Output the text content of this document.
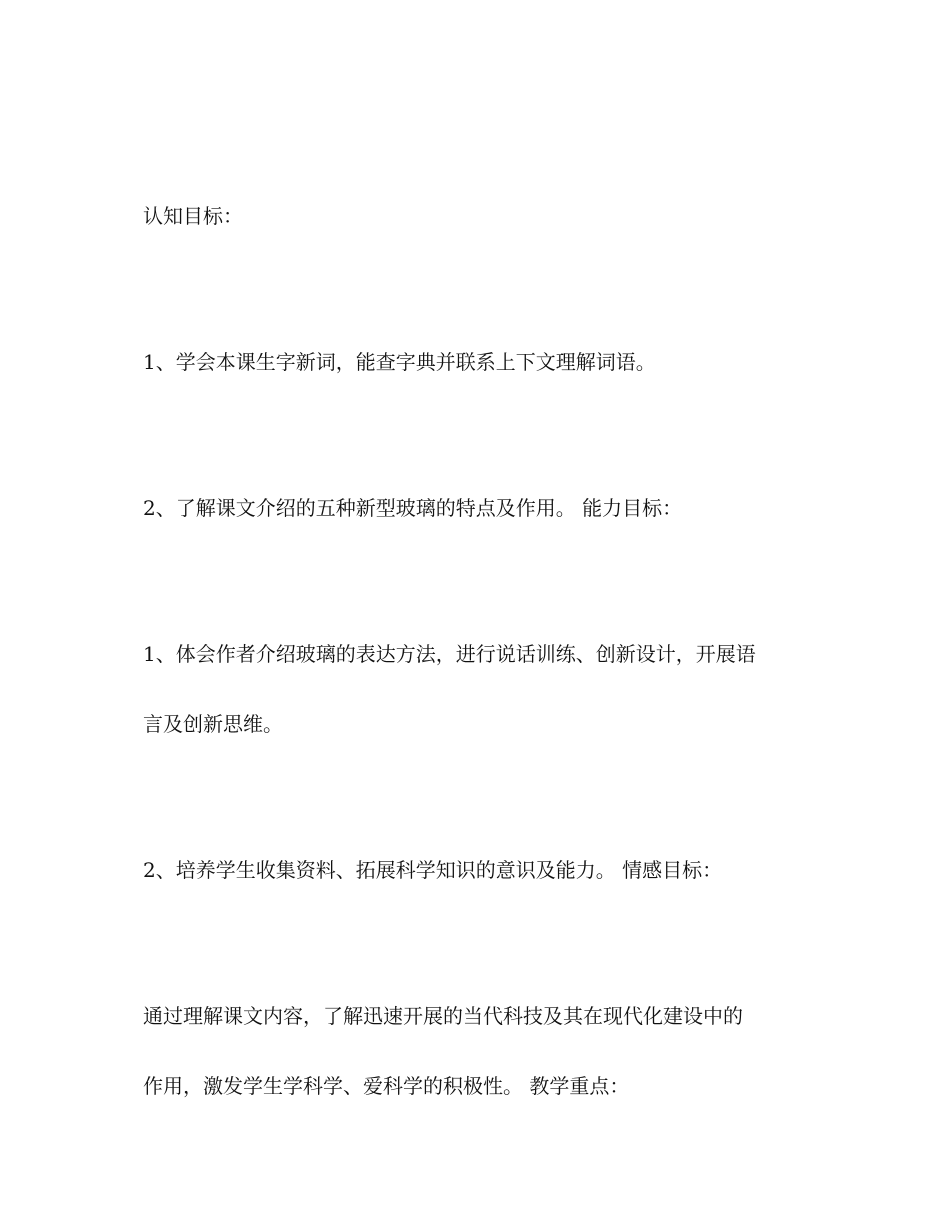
认知目标：
1、学会本课生字新词，能查字典并联系上下文理解词语。
2、了解课文介绍的五种新型玻璃的特点及作用。 能力目标：
1、体会作者介绍玻璃的表达方法，进行说话训练、创新设计，开展语
言及创新思维。
2、培养学生收集资料、拓展科学知识的意识及能力。 情感目标：
通过理解课文内容，了解迅速开展的当代科技及其在现代化建设中的
作用，激发学生学科学、爱科学的积极性。 教学重点：
